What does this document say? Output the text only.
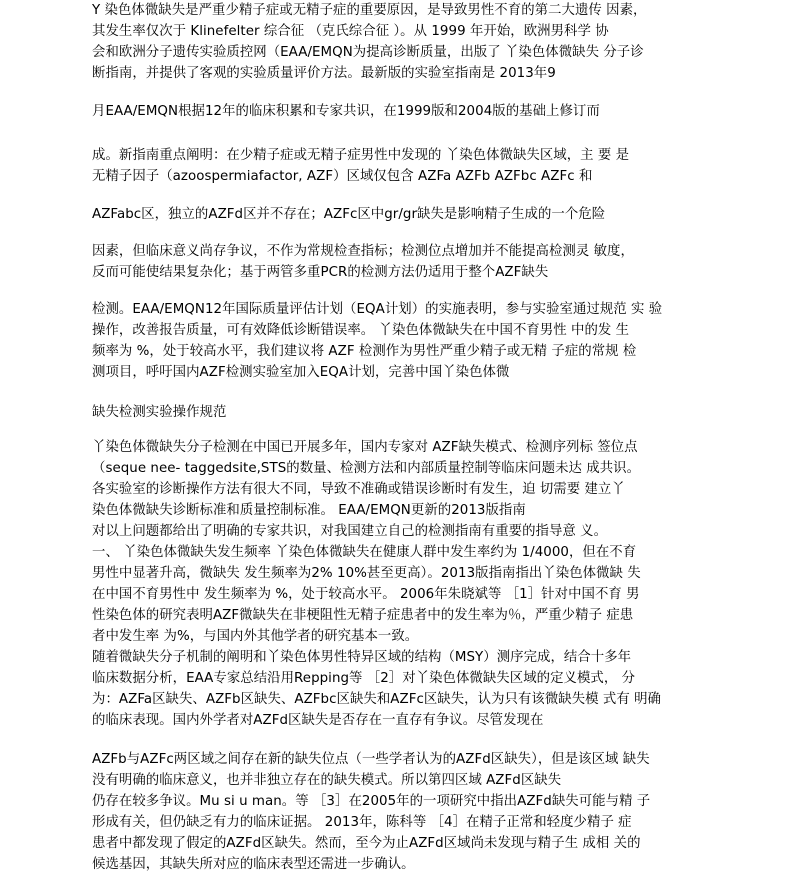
Y 染色体微缺失是严重少精子症或无精子症的重要原因，是导致男性不育的第二大遗传 因素，
其发生率仅次于 Klinefelter 综合征 （克氏综合征 ）。从 1999 年开始，欧洲男科学 协
会和欧洲分子遗传实验质控网（EAA/EMQN为提高诊断质量，出版了 丫染色体微缺失 分子诊
断指南，并提供了客观的实验质量评价方法。最新版的实验室指南是 2013年9
月EAA/EMQN根据12年的临床积累和专家共识，在1999版和2004版的基础上修订而
成。新指南重点阐明：在少精子症或无精子症男性中发现的 丫染色体微缺失区域，主 要 是
无精子因子（azoospermiafactor, AZF）区域仅包含 AZFa AZFb AZFbc AZFc 和
AZFabc区，独立的AZFd区并不存在；AZFc区中gr/gr缺失是影响精子生成的一个危险
因素，但临床意义尚存争议，不作为常规检查指标；检测位点增加并不能提高检测灵 敏度，
反而可能使结果复杂化；基于两管多重PCR的检测方法仍适用于整个AZF缺失
检测。EAA/EMQN12年国际质量评估计划（EQA计划）的实施表明，参与实验室通过规范 实 验
操作，改善报告质量，可有效降低诊断错误率。 丫染色体微缺失在中国不育男性 中的发 生
频率为 %，处于较高水平，我们建议将 AZF 检测作为男性严重少精子或无精 子症的常规 检
测项目，呼吁国内AZF检测实验室加入EQA计划，完善中国丫染色体微
缺失检测实验操作规范
丫染色体微缺失分子检测在中国已开展多年，国内专家对 AZF缺失模式、检测序列标 签位点
（seque nee- taggedsite,STS的数量、检测方法和内部质量控制等临床问题未达 成共识。
各实验室的诊断操作方法有很大不同，导致不准确或错误诊断时有发生，迫 切需要 建立丫
染色体微缺失诊断标准和质量控制标准。 EAA/EMQN更新的2013版指南
对以上问题都给出了明确的专家共识，对我国建立自己的检测指南有重要的指导意 义。
一、 丫染色体微缺失发生频率 丫染色体微缺失在健康人群中发生率约为 1/4000，但在不育
男性中显著升高，微缺失 发生频率为2% 10%甚至更高）。2013版指南指出丫染色体微缺 失
在中国不育男性中 发生频率为 %，处于较高水平。 2006年朱晓斌等 ［1］针对中国不育 男
性染色体的研究表明AZF微缺失在非梗阻性无精子症患者中的发生率为％，严重少精子 症患
者中发生率 为%，与国内外其他学者的研究基本一致。
随着微缺失分子机制的阐明和丫染色体男性特异区域的结构（MSY）测序完成，结合十多年
临床数据分析，EAA专家总结沿用Repping等 ［2］对丫染色体微缺失区域的定义模式， 分
为：AZFa区缺失、AZFb区缺失、AZFbc区缺失和AZFc区缺失，认为只有该微缺失模 式有 明确
的临床表现。国内外学者对AZFd区缺失是否存在一直存有争议。尽管发现在
AZFb与AZFc两区域之间存在新的缺失位点（一些学者认为的AZFd区缺失），但是该区域 缺失
没有明确的临床意义，也并非独立存在的缺失模式。所以第四区域 AZFd区缺失
仍存在较多争议。Mu si u man。等 ［3］在2005年的一项研究中指出AZFd缺失可能与精 子
形成有关，但仍缺乏有力的临床证据。 2013年，陈科等 ［4］在精子正常和轻度少精子 症
患者中都发现了假定的AZFd区缺失。然而，至今为止AZFd区域尚未发现与精子生 成相 关的
候选基因，其缺失所对应的临床表型还需进一步确认。
